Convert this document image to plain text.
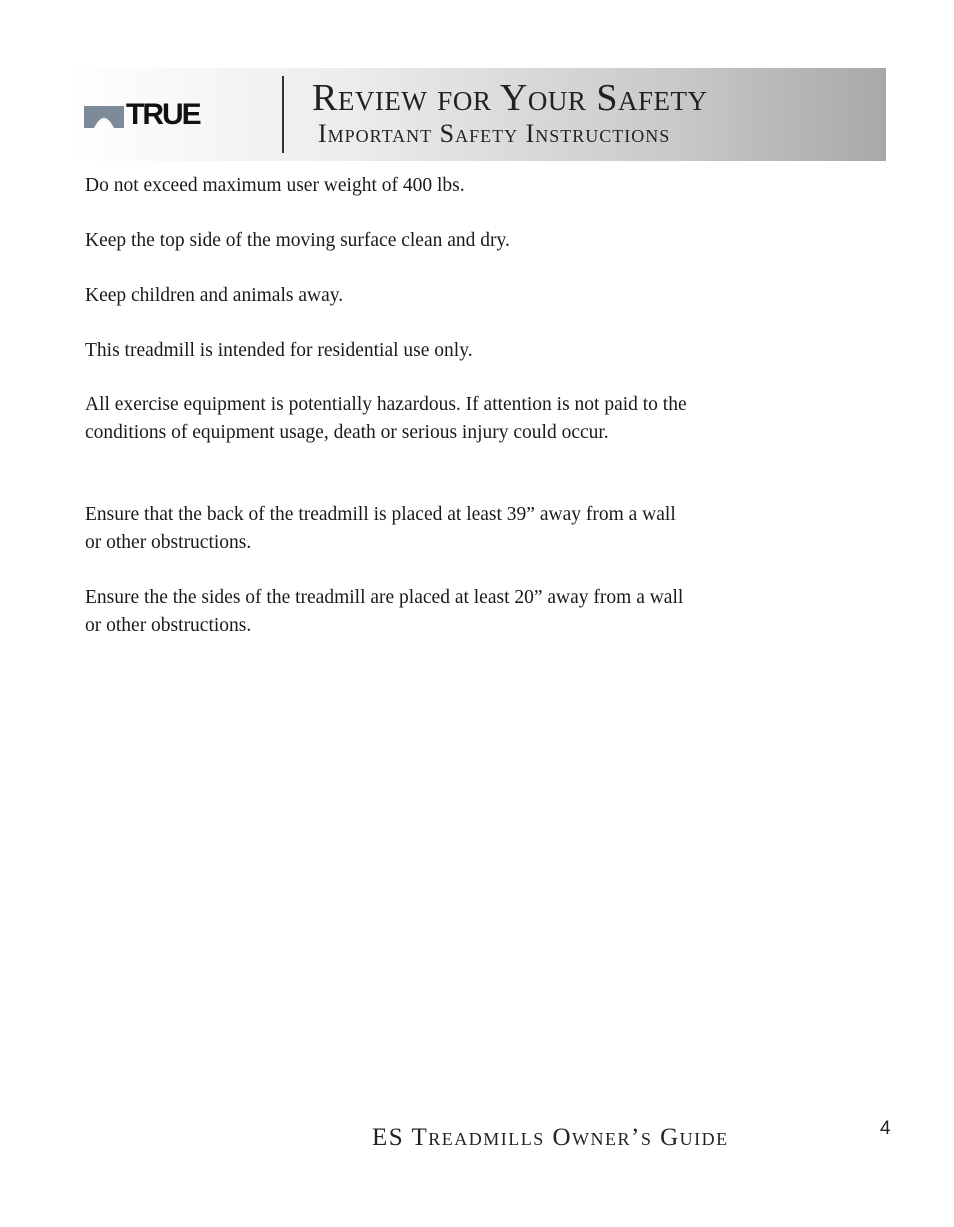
TRUE	Review for Your Safety
Important Safety Instructions

Do not exceed maximum user weight of 400 lbs.

Keep the top side of the moving surface clean and dry.

Keep children and animals away.

This treadmill is intended for residential use only.

All exercise equipment is potentially hazardous. If attention is not paid to the conditions of equipment usage, death or serious injury could occur.

Ensure that the back of the treadmill is placed at least 39” away from a wall or other obstructions.

Ensure the the sides of the treadmill are placed at least 20” away from a wall or other obstructions.

ES Treadmills Owner’s Guide	4
